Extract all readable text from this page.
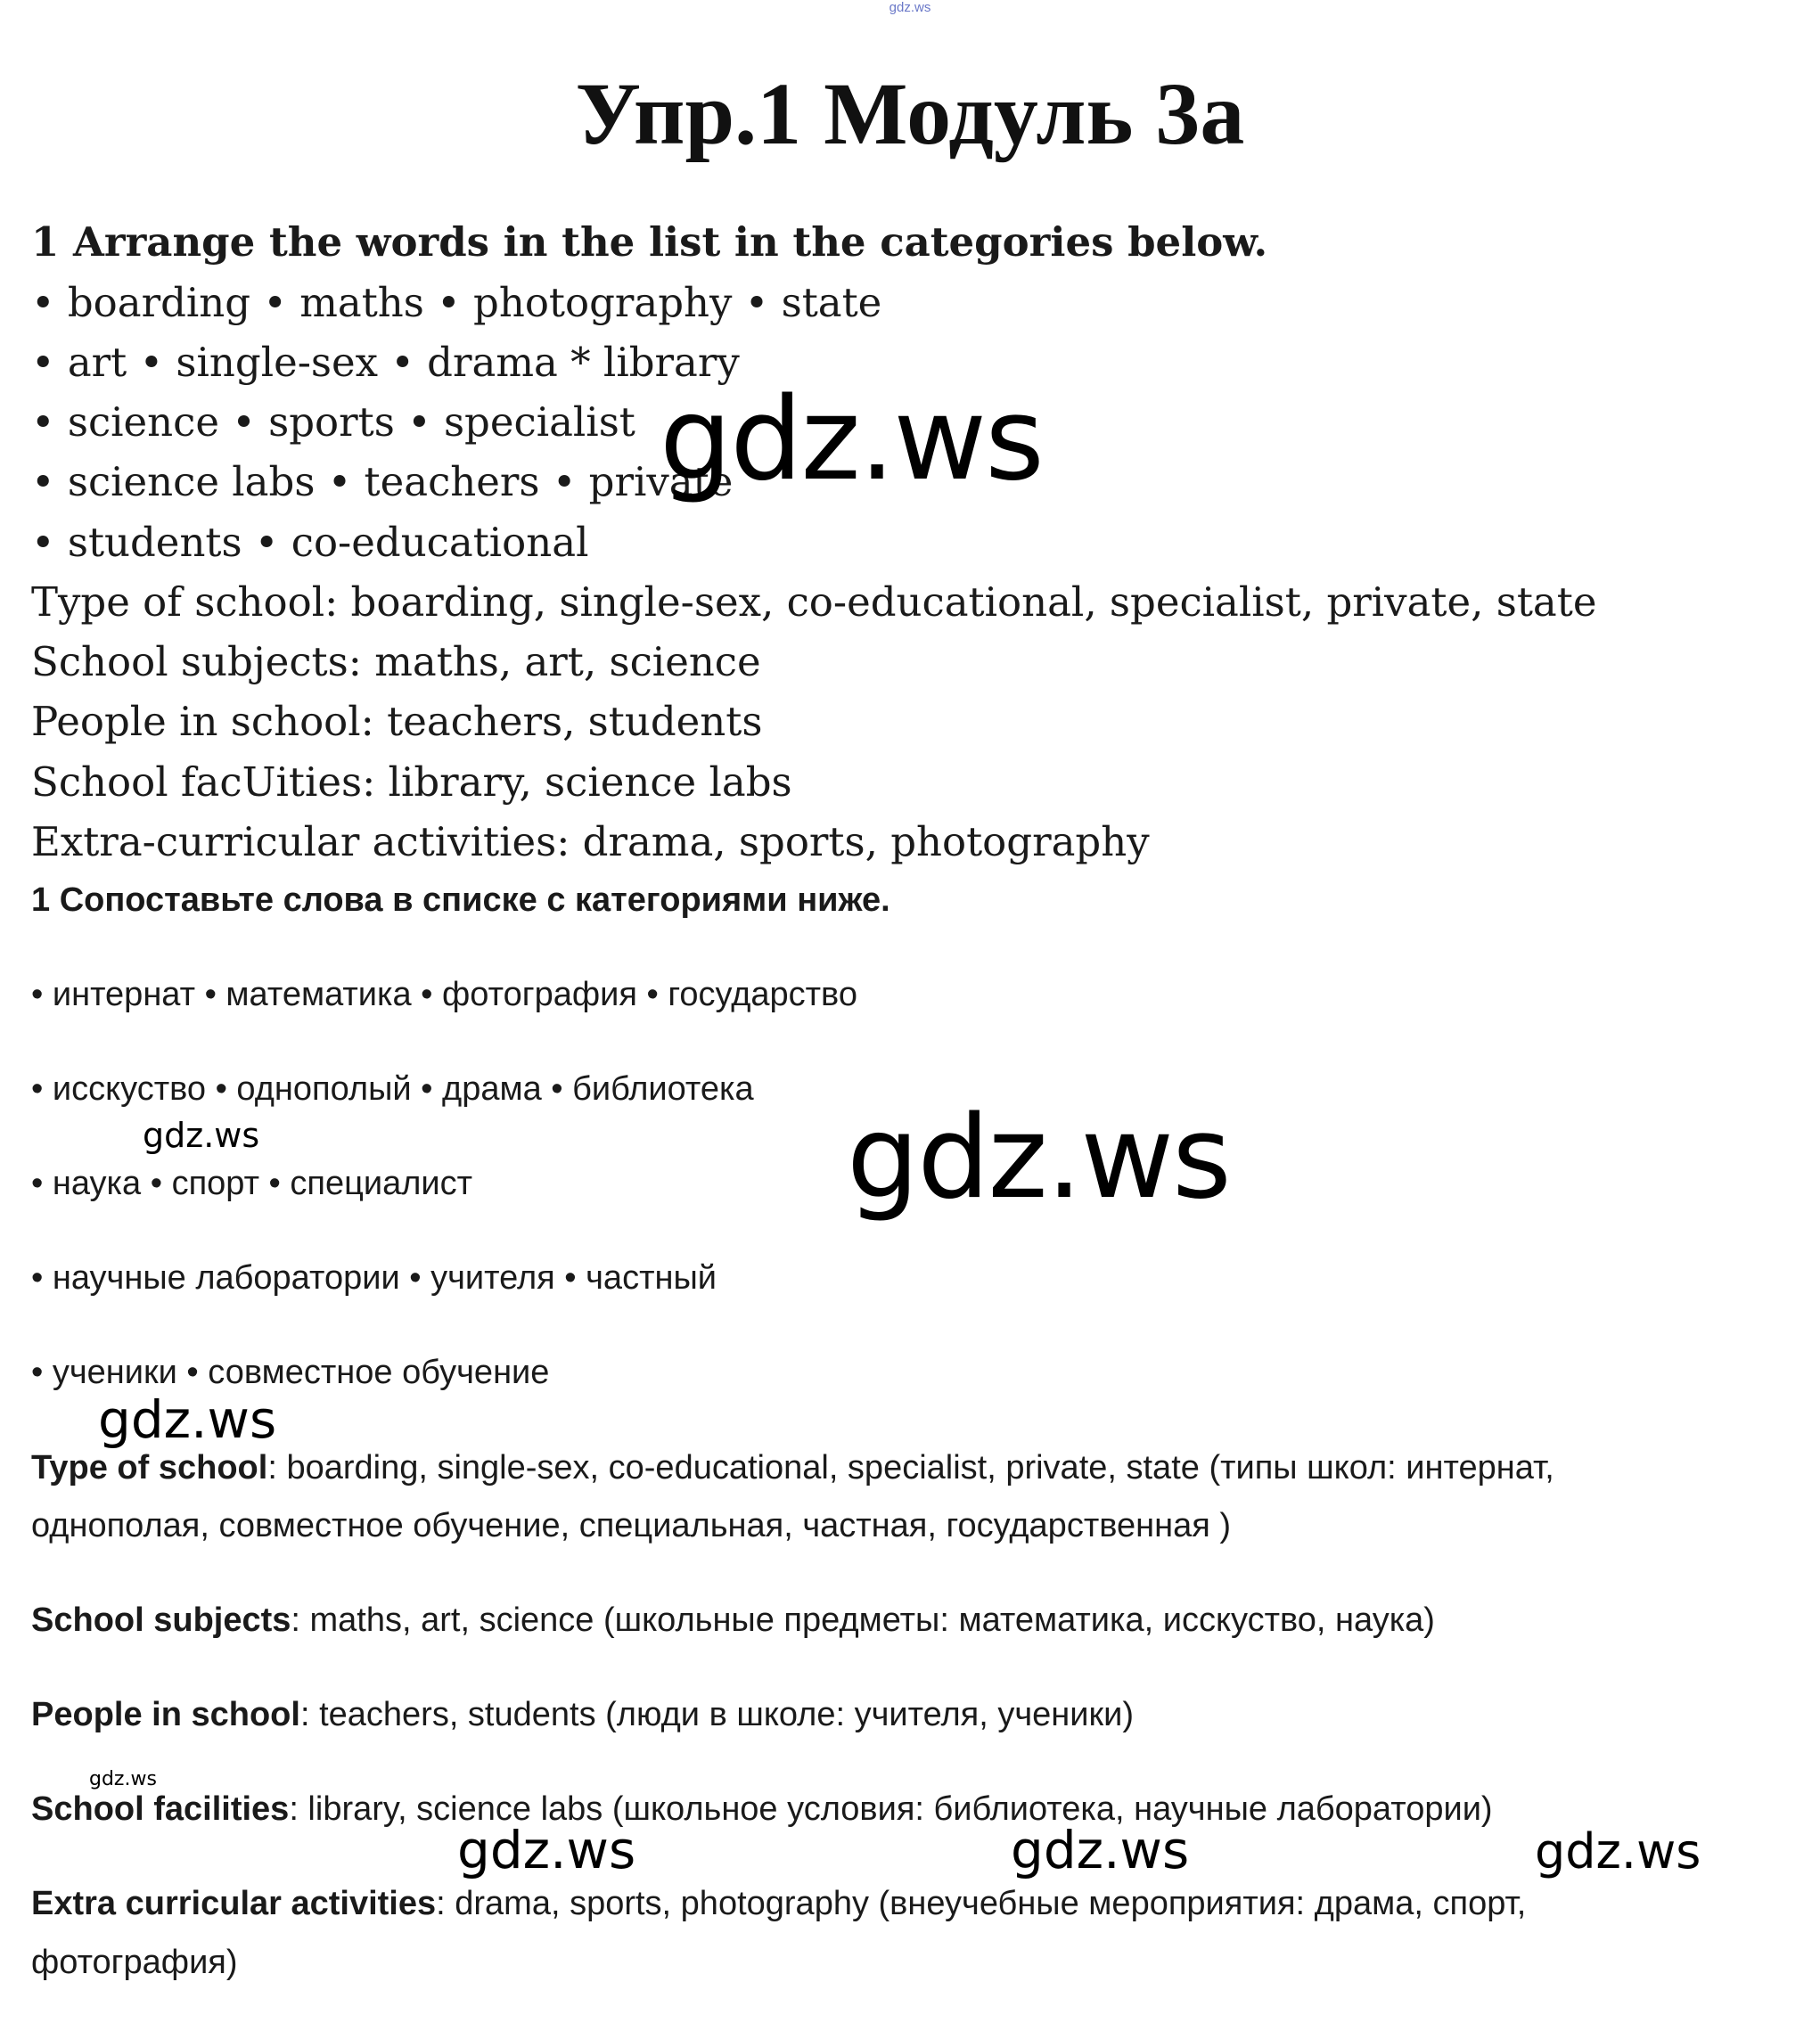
gdz.ws
Упр.1 Модуль 3а
1 Arrange the words in the list in the categories below.
• boarding • maths • photography • state
• art • single-sex • drama * library
• science • sports • specialist
• science labs • teachers • private
• students • co-educational
Type of school: boarding, single-sex, co-educational, specialist, private, state
School subjects: maths, art, science
People in school: teachers, students
School facUities: library, science labs
Extra-curricular activities: drama, sports, photography
1 Сопоставьте слова в списке с категориями ниже.
• интернат • математика • фотография • государство
• исскуство • однополый • драма • библиотека
• наука • спорт • специалист
• научные лаборатории • учителя • частный
• ученики • совместное обучение
Type of school: boarding, single-sex, co-educational, specialist, private, state (типы школ: интернат,
однополая, совместное обучение, специальная, частная, государственная )
School subjects: maths, art, science (школьные предметы: математика, исскуство, наука)
People in school: teachers, students (люди в школе: учителя, ученики)
School facilities: library, science labs (школьное условия: библиотека, научные лаборатории)
Extra curricular activities: drama, sports, photography (внеучебные мероприятия: драма, спорт,
фотография)
gdz.ws
gdz.ws
gdz.ws
gdz.ws
gdz.ws
gdz.ws	gdz.ws	gdz.ws
